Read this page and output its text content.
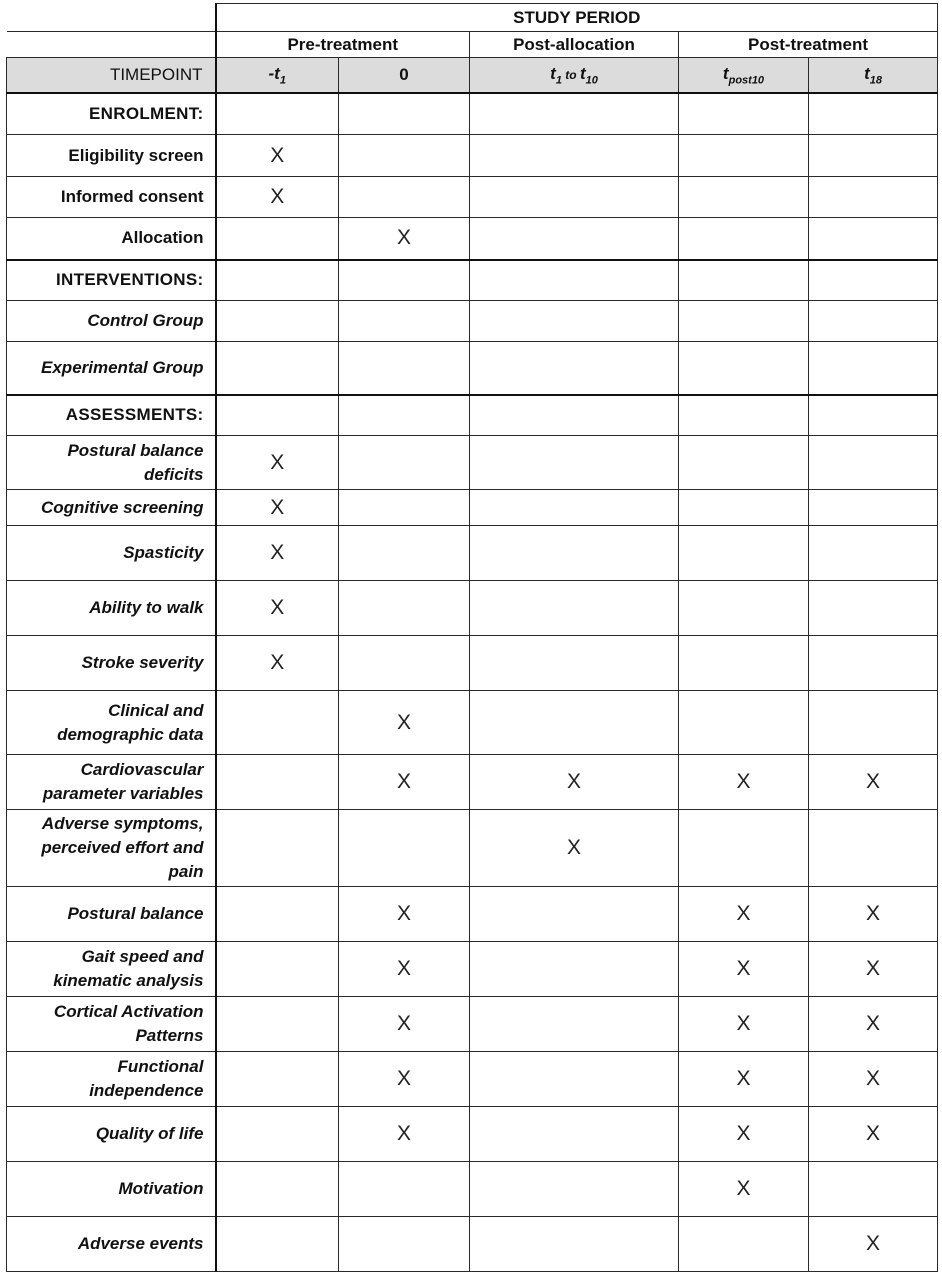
	STUDY PERIOD				
	Pre-treatment		Post-allocation	Post-treatment	
TIMEPOINT	$-t_1$	0	$t_1$ to $t_{10}$	$t_{post10}$	$t_{18}$
ENROLMENT:					
Eligibility screen	X				
Informed consent	X				
Allocation		X			
INTERVENTIONS:					
Control Group					
Experimental Group					
ASSESSMENTS:					
Postural balance deficits	X				
Cognitive screening	X				
Spasticity	X				
Ability to walk	X				
Stroke severity	X				
Clinical and demographic data		X			
Cardiovascular parameter variables		X	X	X	X
Adverse symptoms, perceived effort and pain			X		
Postural balance		X		X	X
Gait speed and kinematic analysis		X		X	X
Cortical Activation Patterns		X		X	X
Functional independence		X		X	X
Quality of life		X		X	X
Motivation				X	
Adverse events					X
